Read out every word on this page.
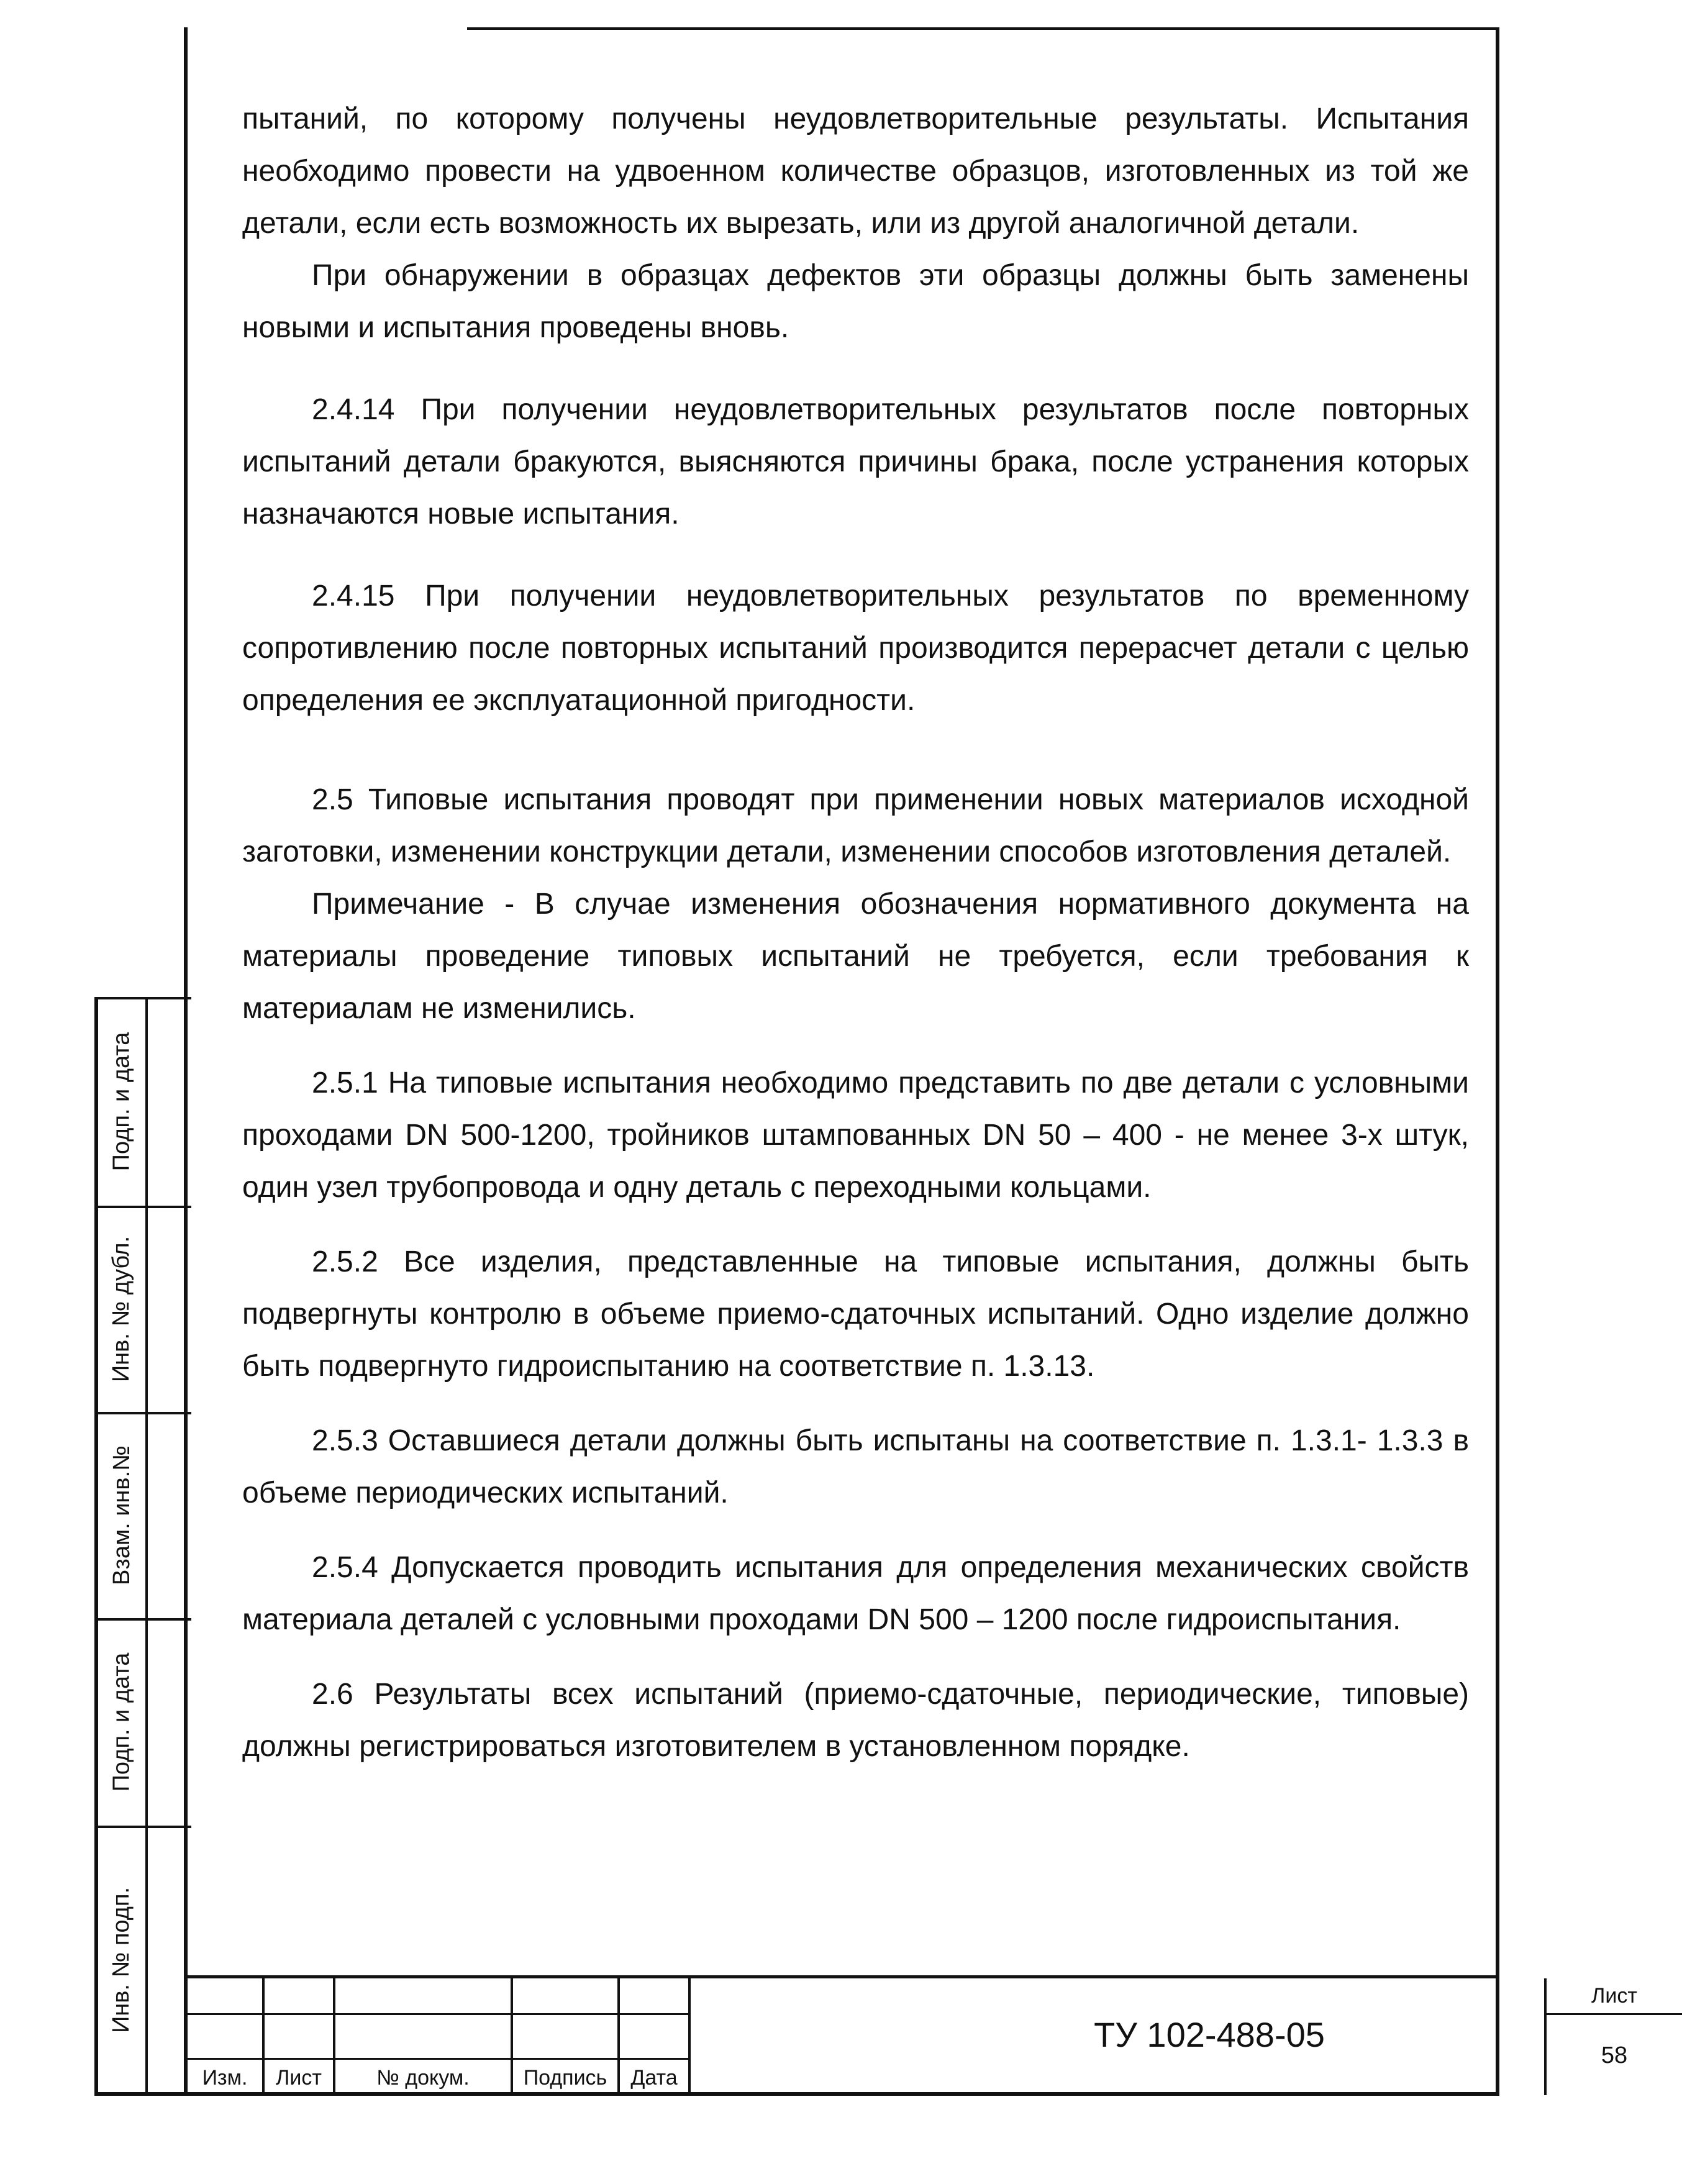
пытаний, по которому получены неудовлетворительные результаты. Испытания необходимо провести на удвоенном количестве образцов, изготовленных из той же детали, если есть возможность их вырезать, или из другой аналогичной детали.

При обнаружении в образцах дефектов эти образцы должны быть заменены новыми и испытания проведены вновь.

2.4.14 При получении неудовлетворительных результатов после повторных испытаний детали бракуются, выясняются причины брака, после устранения которых назначаются новые испытания.

2.4.15 При получении неудовлетворительных результатов по временному сопротивлению после повторных испытаний производится перерасчет детали с целью определения ее эксплуатационной пригодности.

2.5 Типовые испытания проводят при применении новых материалов исходной заготовки, изменении конструкции детали, изменении способов изготовления деталей.

Примечание - В случае изменения обозначения нормативного документа на материалы проведение типовых испытаний не требуется, если требования к материалам не изменились.

2.5.1 На типовые испытания необходимо представить по две детали с условными проходами DN 500-1200, тройников штампованных DN 50 – 400 - не менее 3-х штук, один узел трубопровода и одну деталь с переходными кольцами.

2.5.2 Все изделия, представленные на типовые испытания, должны быть подвергнуты контролю в объеме приемо-сдаточных испытаний. Одно изделие должно быть подвергнуто гидроиспытанию на соответствие п. 1.3.13.

2.5.3 Оставшиеся детали должны быть испытаны на соответствие п. 1.3.1- 1.3.3 в объеме периодических испытаний.

2.5.4 Допускается проводить испытания для определения механических свойств материала деталей с условными проходами DN 500 – 1200 после гидроиспытания.

2.6 Результаты всех испытаний (приемо-сдаточные, периодические, типовые) должны регистрироваться изготовителем в установленном порядке.

Подп. и дата
Инв. № дубл.
Взам. инв.№
Подп. и дата
Инв. № подп.
Изм.	Лист	№ докум.	Подпись	Дата
ТУ 102-488-05
Лист
58
